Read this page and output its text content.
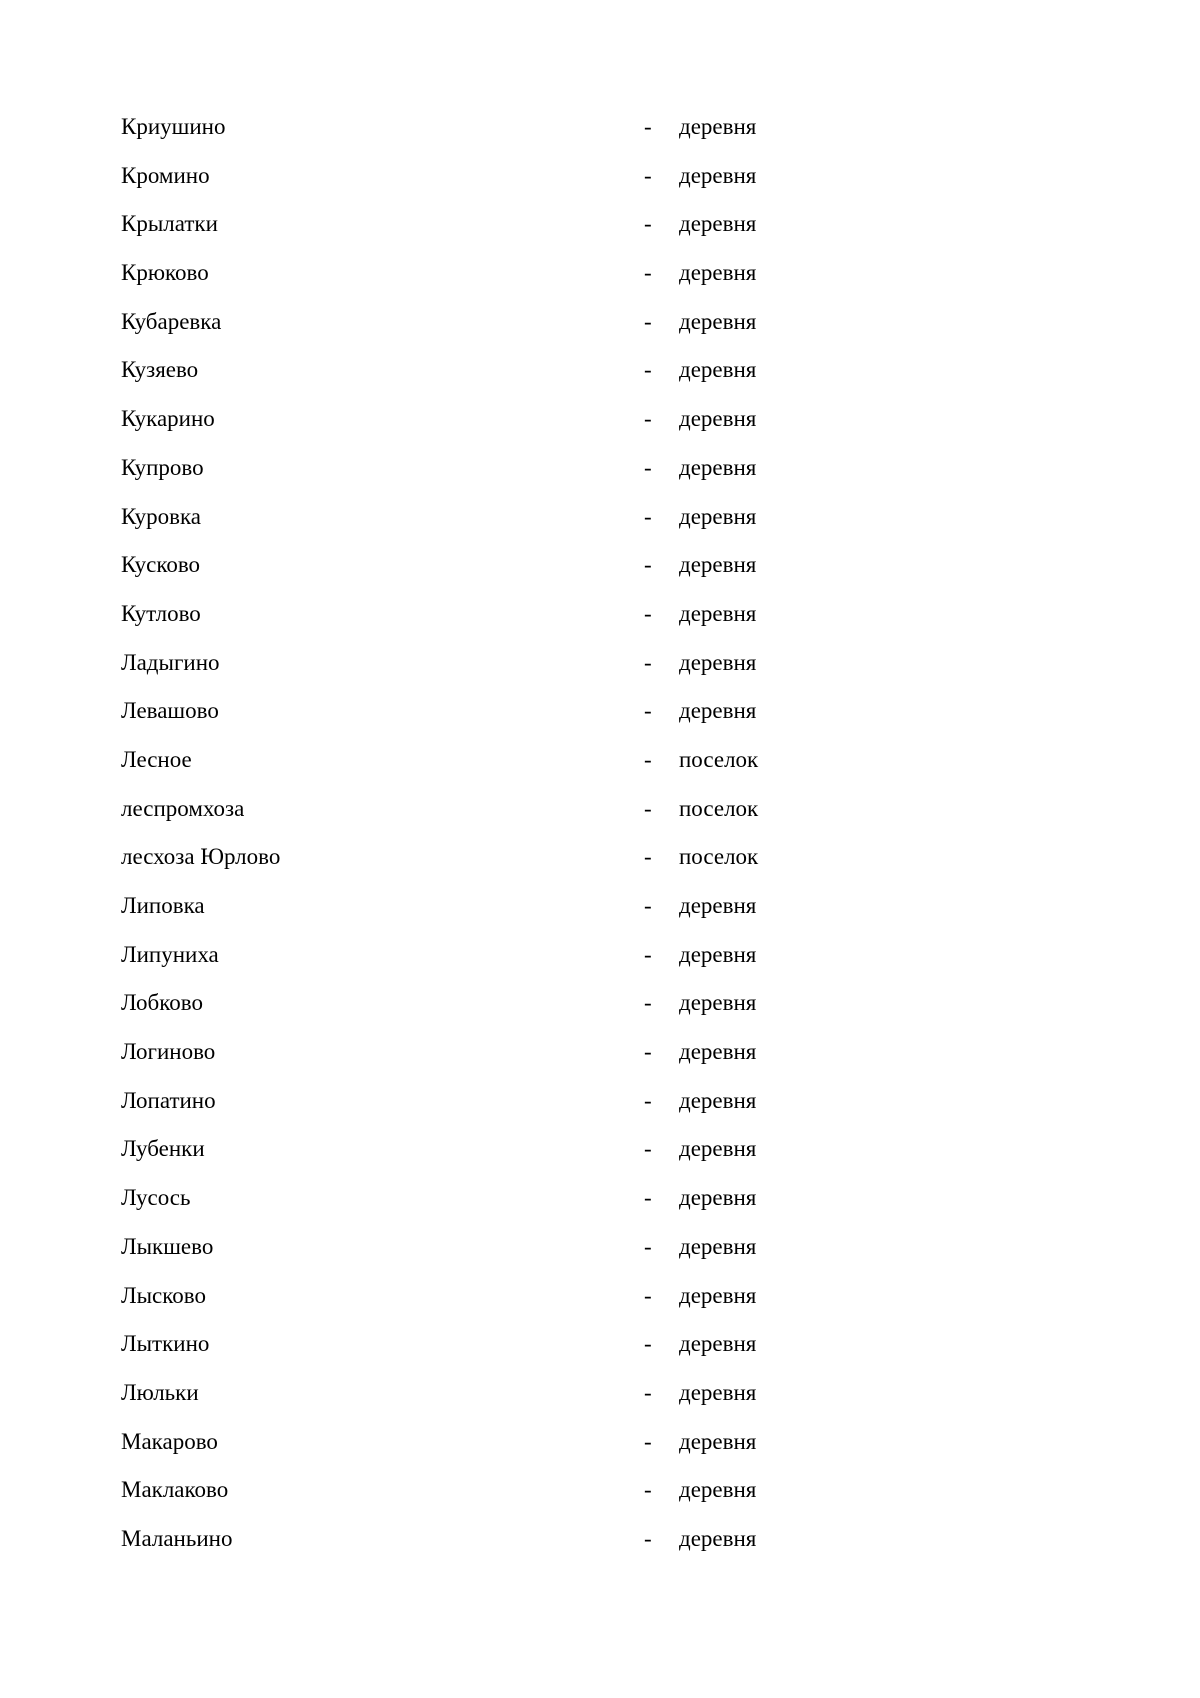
Криушино	- деревня
Кромино	- деревня
Крылатки	- деревня
Крюково	- деревня
Кубаревка	- деревня
Кузяево	- деревня
Кукарино	- деревня
Купрово	- деревня
Куровка	- деревня
Кусково	- деревня
Кутлово	- деревня
Ладыгино	- деревня
Левашово	- деревня
Лесное	- поселок
леспромхоза	- поселок
лесхоза Юрлово	- поселок
Липовка	- деревня
Липуниха	- деревня
Лобково	- деревня
Логиново	- деревня
Лопатино	- деревня
Лубенки	- деревня
Лусось	- деревня
Лыкшево	- деревня
Лысково	- деревня
Лыткино	- деревня
Люльки	- деревня
Макарово	- деревня
Маклаково	- деревня
Маланьино	- деревня
